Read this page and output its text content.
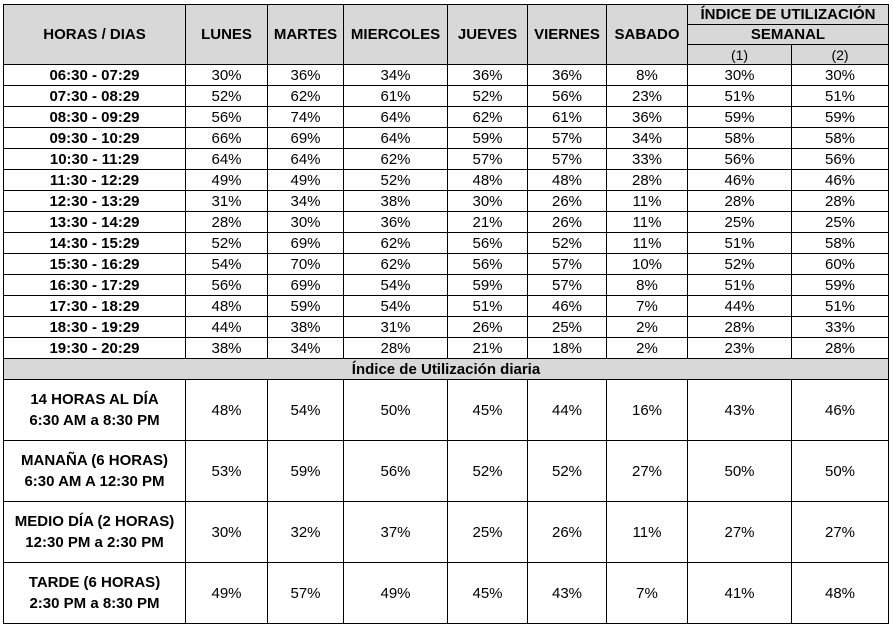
HORAS / DIAS	LUNES	MARTES	MIERCOLES	JUEVES	VIERNES	SABADO	ÍNDICE DE UTILIZACIÓN	
							SEMANAL	
							(1)	(2)
06:30 - 07:29	30%	36%	34%	36%	36%	8%	30%	30%
07:30 - 08:29	52%	62%	61%	52%	56%	23%	51%	51%
08:30 - 09:29	56%	74%	64%	62%	61%	36%	59%	59%
09:30 - 10:29	66%	69%	64%	59%	57%	34%	58%	58%
10:30 - 11:29	64%	64%	62%	57%	57%	33%	56%	56%
11:30 - 12:29	49%	49%	52%	48%	48%	28%	46%	46%
12:30 - 13:29	31%	34%	38%	30%	26%	11%	28%	28%
13:30 - 14:29	28%	30%	36%	21%	26%	11%	25%	25%
14:30 - 15:29	52%	69%	62%	56%	52%	11%	51%	58%
15:30 - 16:29	54%	70%	62%	56%	57%	10%	52%	60%
16:30 - 17:29	56%	69%	54%	59%	57%	8%	51%	59%
17:30 - 18:29	48%	59%	54%	51%	46%	7%	44%	51%
18:30 - 19:29	44%	38%	31%	26%	25%	2%	28%	33%
19:30 - 20:29	38%	34%	28%	21%	18%	2%	23%	28%
Índice de Utilización diaria								

14 HORAS AL DÍA
6:30 AM a 8:30 PM	48%	54%	50%	45%	44%	16%	43%	46%

MANAÑA (6 HORAS)
6:30 AM A 12:30 PM	53%	59%	56%	52%	52%	27%	50%	50%

MEDIO DÍA (2 HORAS)
12:30 PM a 2:30 PM	30%	32%	37%	25%	26%	11%	27%	27%

TARDE (6 HORAS)
2:30 PM a 8:30 PM	49%	57%	49%	45%	43%	7%	41%	48%
